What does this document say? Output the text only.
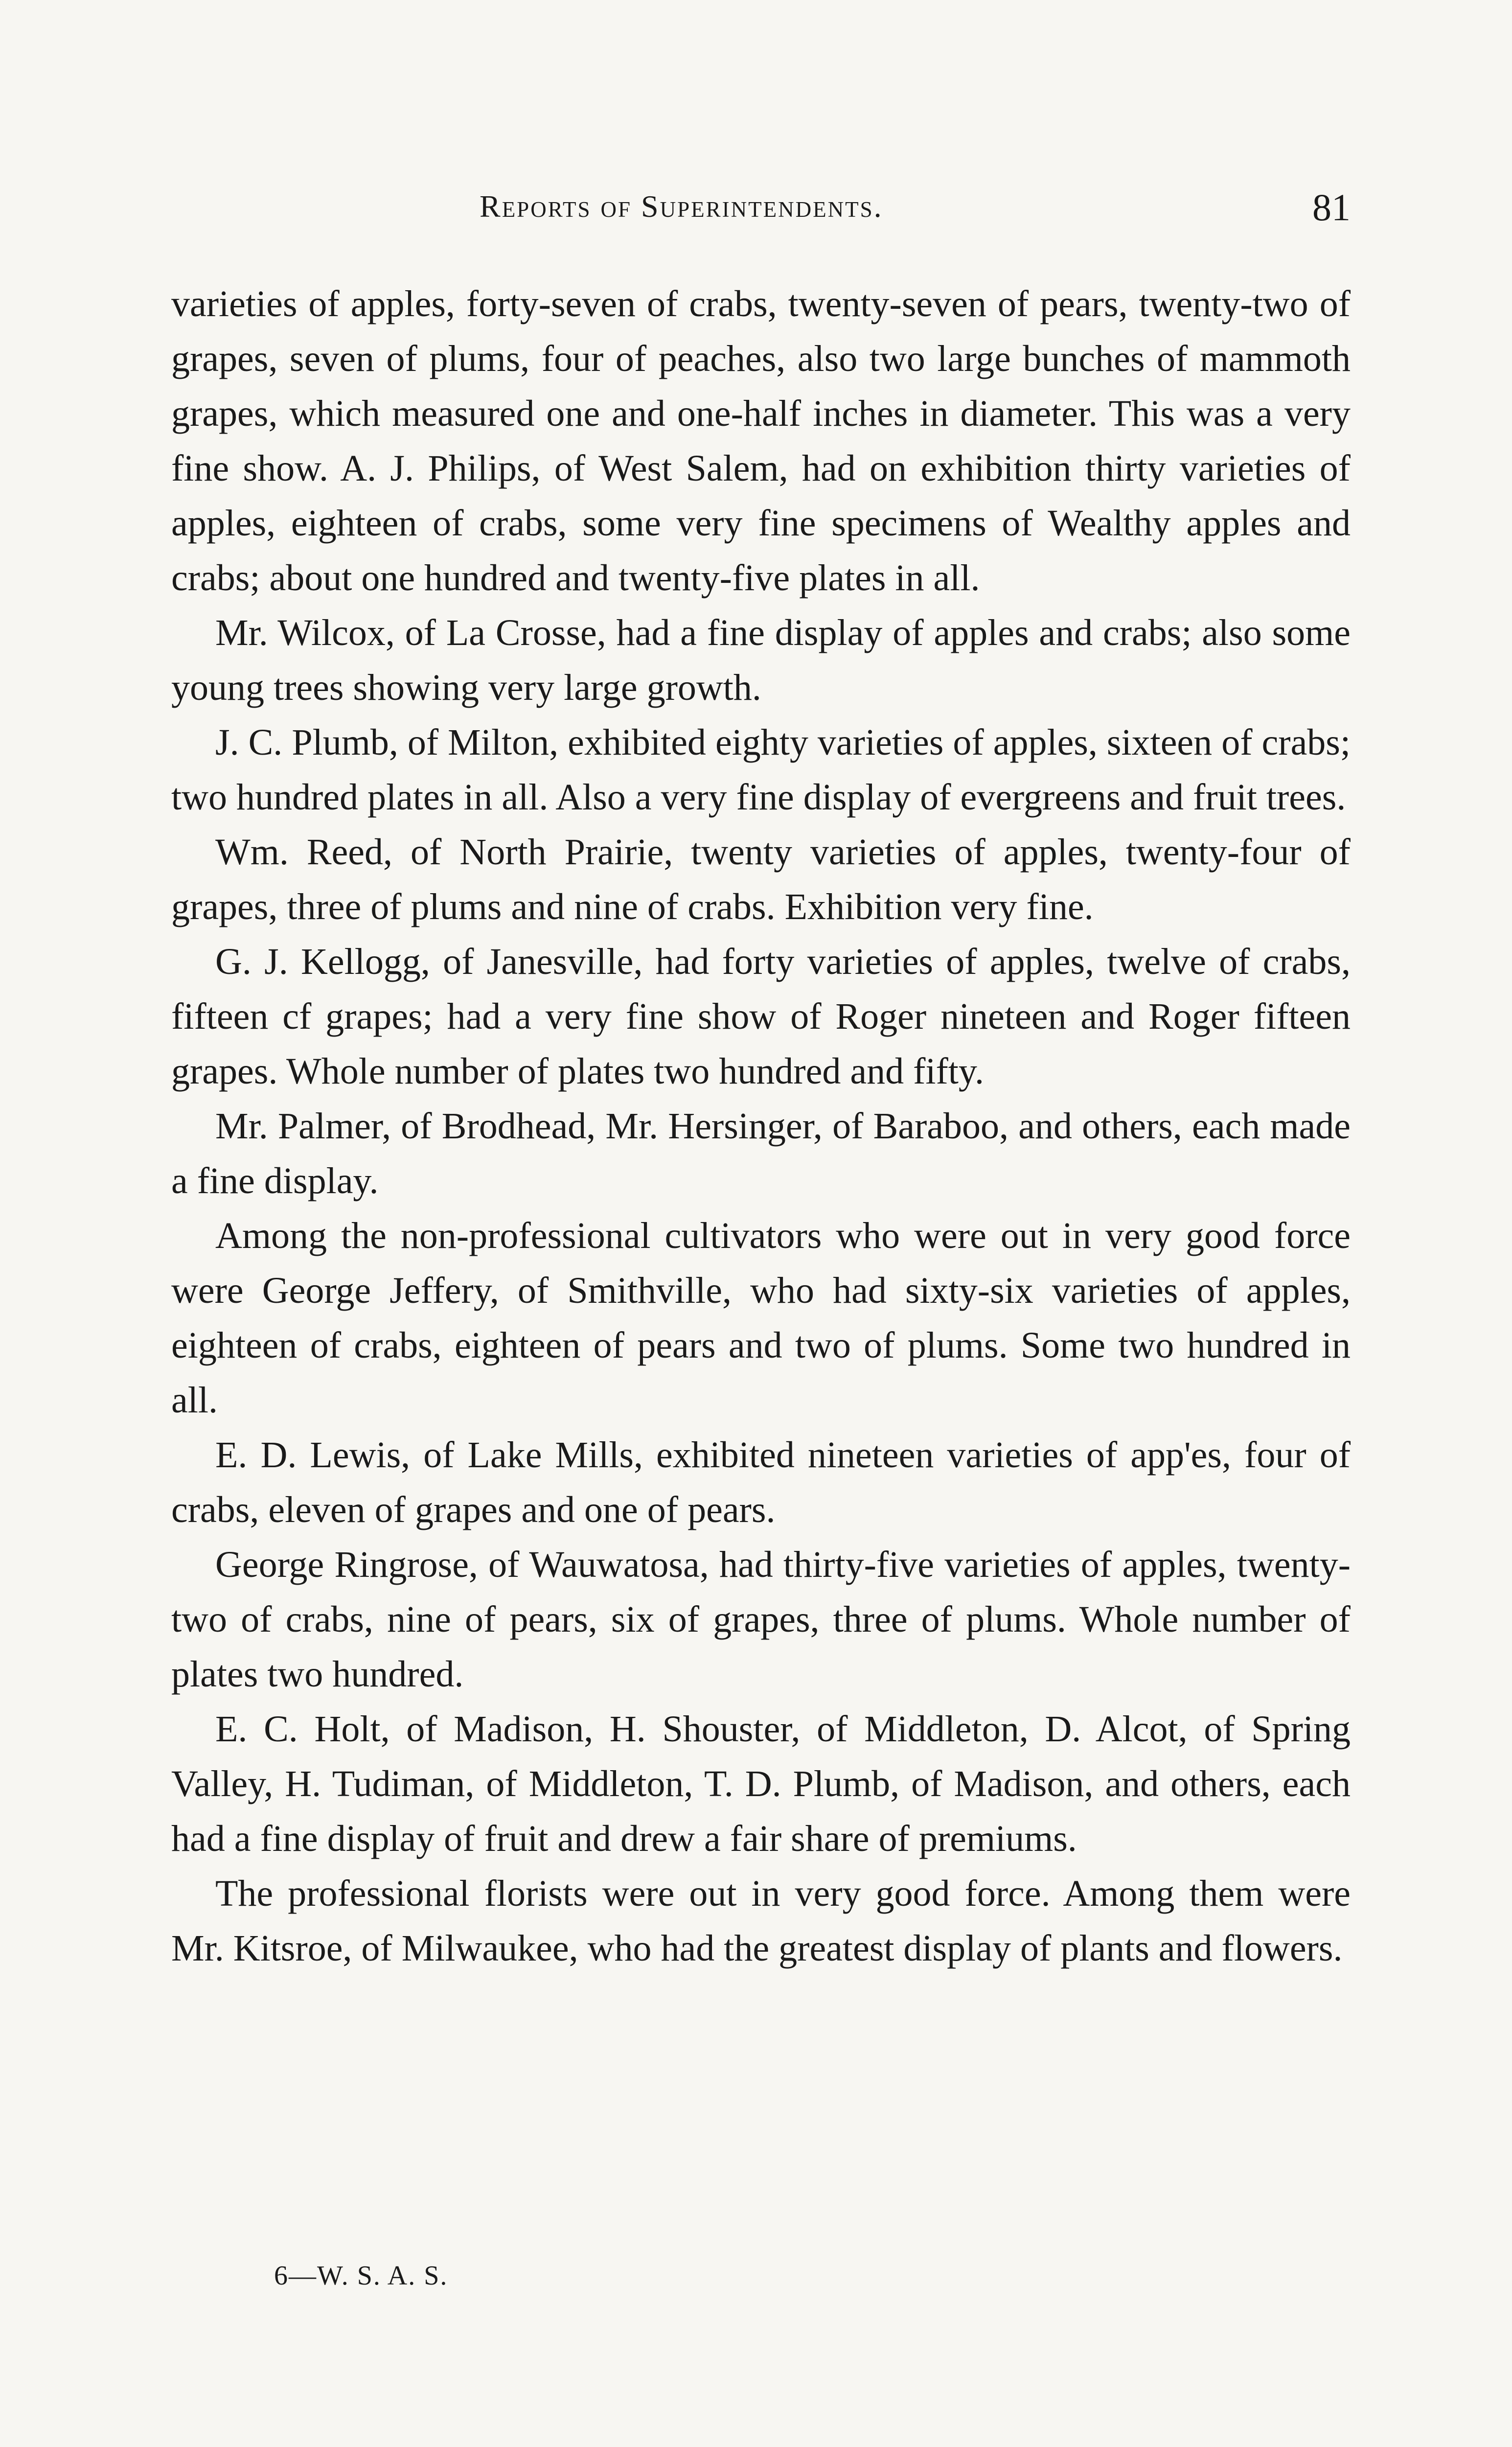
Reports of Superintendents.	81

varieties of apples, forty-seven of crabs, twenty-seven of pears, twenty-two of grapes, seven of plums, four of peaches, also two large bunches of mammoth grapes, which measured one and one-half inches in diameter. This was a very fine show. A. J. Philips, of West Salem, had on exhibition thirty varieties of apples, eighteen of crabs, some very fine specimens of Wealthy apples and crabs; about one hundred and twenty-five plates in all.

Mr. Wilcox, of La Crosse, had a fine display of apples and crabs; also some young trees showing very large growth.

J. C. Plumb, of Milton, exhibited eighty varieties of apples, sixteen of crabs; two hundred plates in all. Also a very fine display of evergreens and fruit trees.

Wm. Reed, of North Prairie, twenty varieties of apples, twenty-four of grapes, three of plums and nine of crabs. Exhibition very fine.

G. J. Kellogg, of Janesville, had forty varieties of apples, twelve of crabs, fifteen cf grapes; had a very fine show of Roger nineteen and Roger fifteen grapes. Whole number of plates two hundred and fifty.

Mr. Palmer, of Brodhead, Mr. Hersinger, of Baraboo, and others, each made a fine display.

Among the non-professional cultivators who were out in very good force were George Jeffery, of Smithville, who had sixty-six varieties of apples, eighteen of crabs, eighteen of pears and two of plums. Some two hundred in all.

E. D. Lewis, of Lake Mills, exhibited nineteen varieties of app'es, four of crabs, eleven of grapes and one of pears.

George Ringrose, of Wauwatosa, had thirty-five varieties of apples, twenty-two of crabs, nine of pears, six of grapes, three of plums. Whole number of plates two hundred.

E. C. Holt, of Madison, H. Shouster, of Middleton, D. Alcot, of Spring Valley, H. Tudiman, of Middleton, T. D. Plumb, of Madison, and others, each had a fine display of fruit and drew a fair share of premiums.

The professional florists were out in very good force. Among them were Mr. Kitsroe, of Milwaukee, who had the greatest display of plants and flowers.

6—W. S. A. S.
